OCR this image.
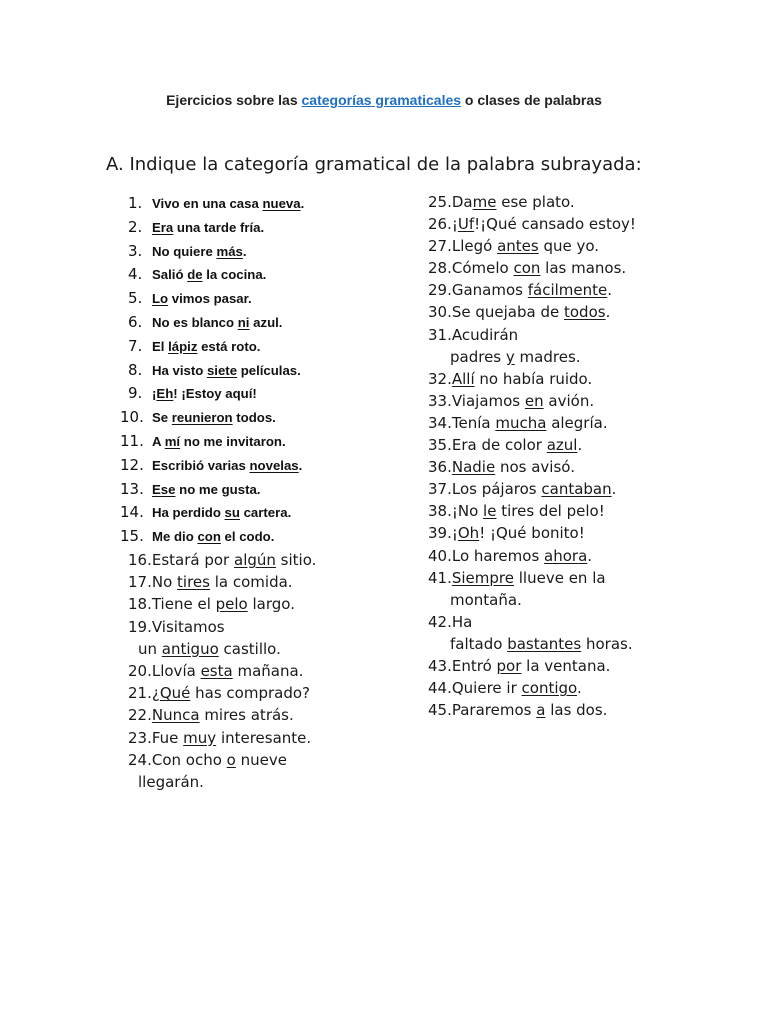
Ejercicios sobre las categorías gramaticales o clases de palabras
A. Indique la categoría gramatical de la palabra subrayada:
1.Vivo en una casa nueva.
2.Era una tarde fría.
3.No quiere más.
4.Salió de la cocina.
5.Lo vimos pasar.
6.No es blanco ni azul.
7.El lápiz está roto.
8.Ha visto siete películas.
9.¡Eh! ¡Estoy aquí!
10.Se reunieron todos.
11.A mí no me invitaron.
12.Escribió varias novelas.
13.Ese no me gusta.
14.Ha perdido su cartera.
15.Me dio con el codo.
16.Estará por algún sitio.
17.No tires la comida.
18.Tiene el pelo largo.
19.Visitamos
un antiguo castillo.
20.Llovía esta mañana.
21.¿Qué has comprado?
22.Nunca mires atrás.
23.Fue muy interesante.
24.Con ocho o nueve
llegarán.
25.Dame ese plato.
26.¡Uf!¡Qué cansado estoy!
27.Llegó antes que yo.
28.Cómelo con las manos.
29.Ganamos fácilmente.
30.Se quejaba de todos.
31.Acudirán
padres y madres.
32.Allí no había ruido.
33.Viajamos en avión.
34.Tenía mucha alegría.
35.Era de color azul.
36.Nadie nos avisó.
37.Los pájaros cantaban.
38.¡No le tires del pelo!
39.¡Oh! ¡Qué bonito!
40.Lo haremos ahora.
41.Siempre llueve en la
montaña.
42.Ha
faltado bastantes horas.
43.Entró por la ventana.
44.Quiere ir contigo.
45.Pararemos a las dos.
